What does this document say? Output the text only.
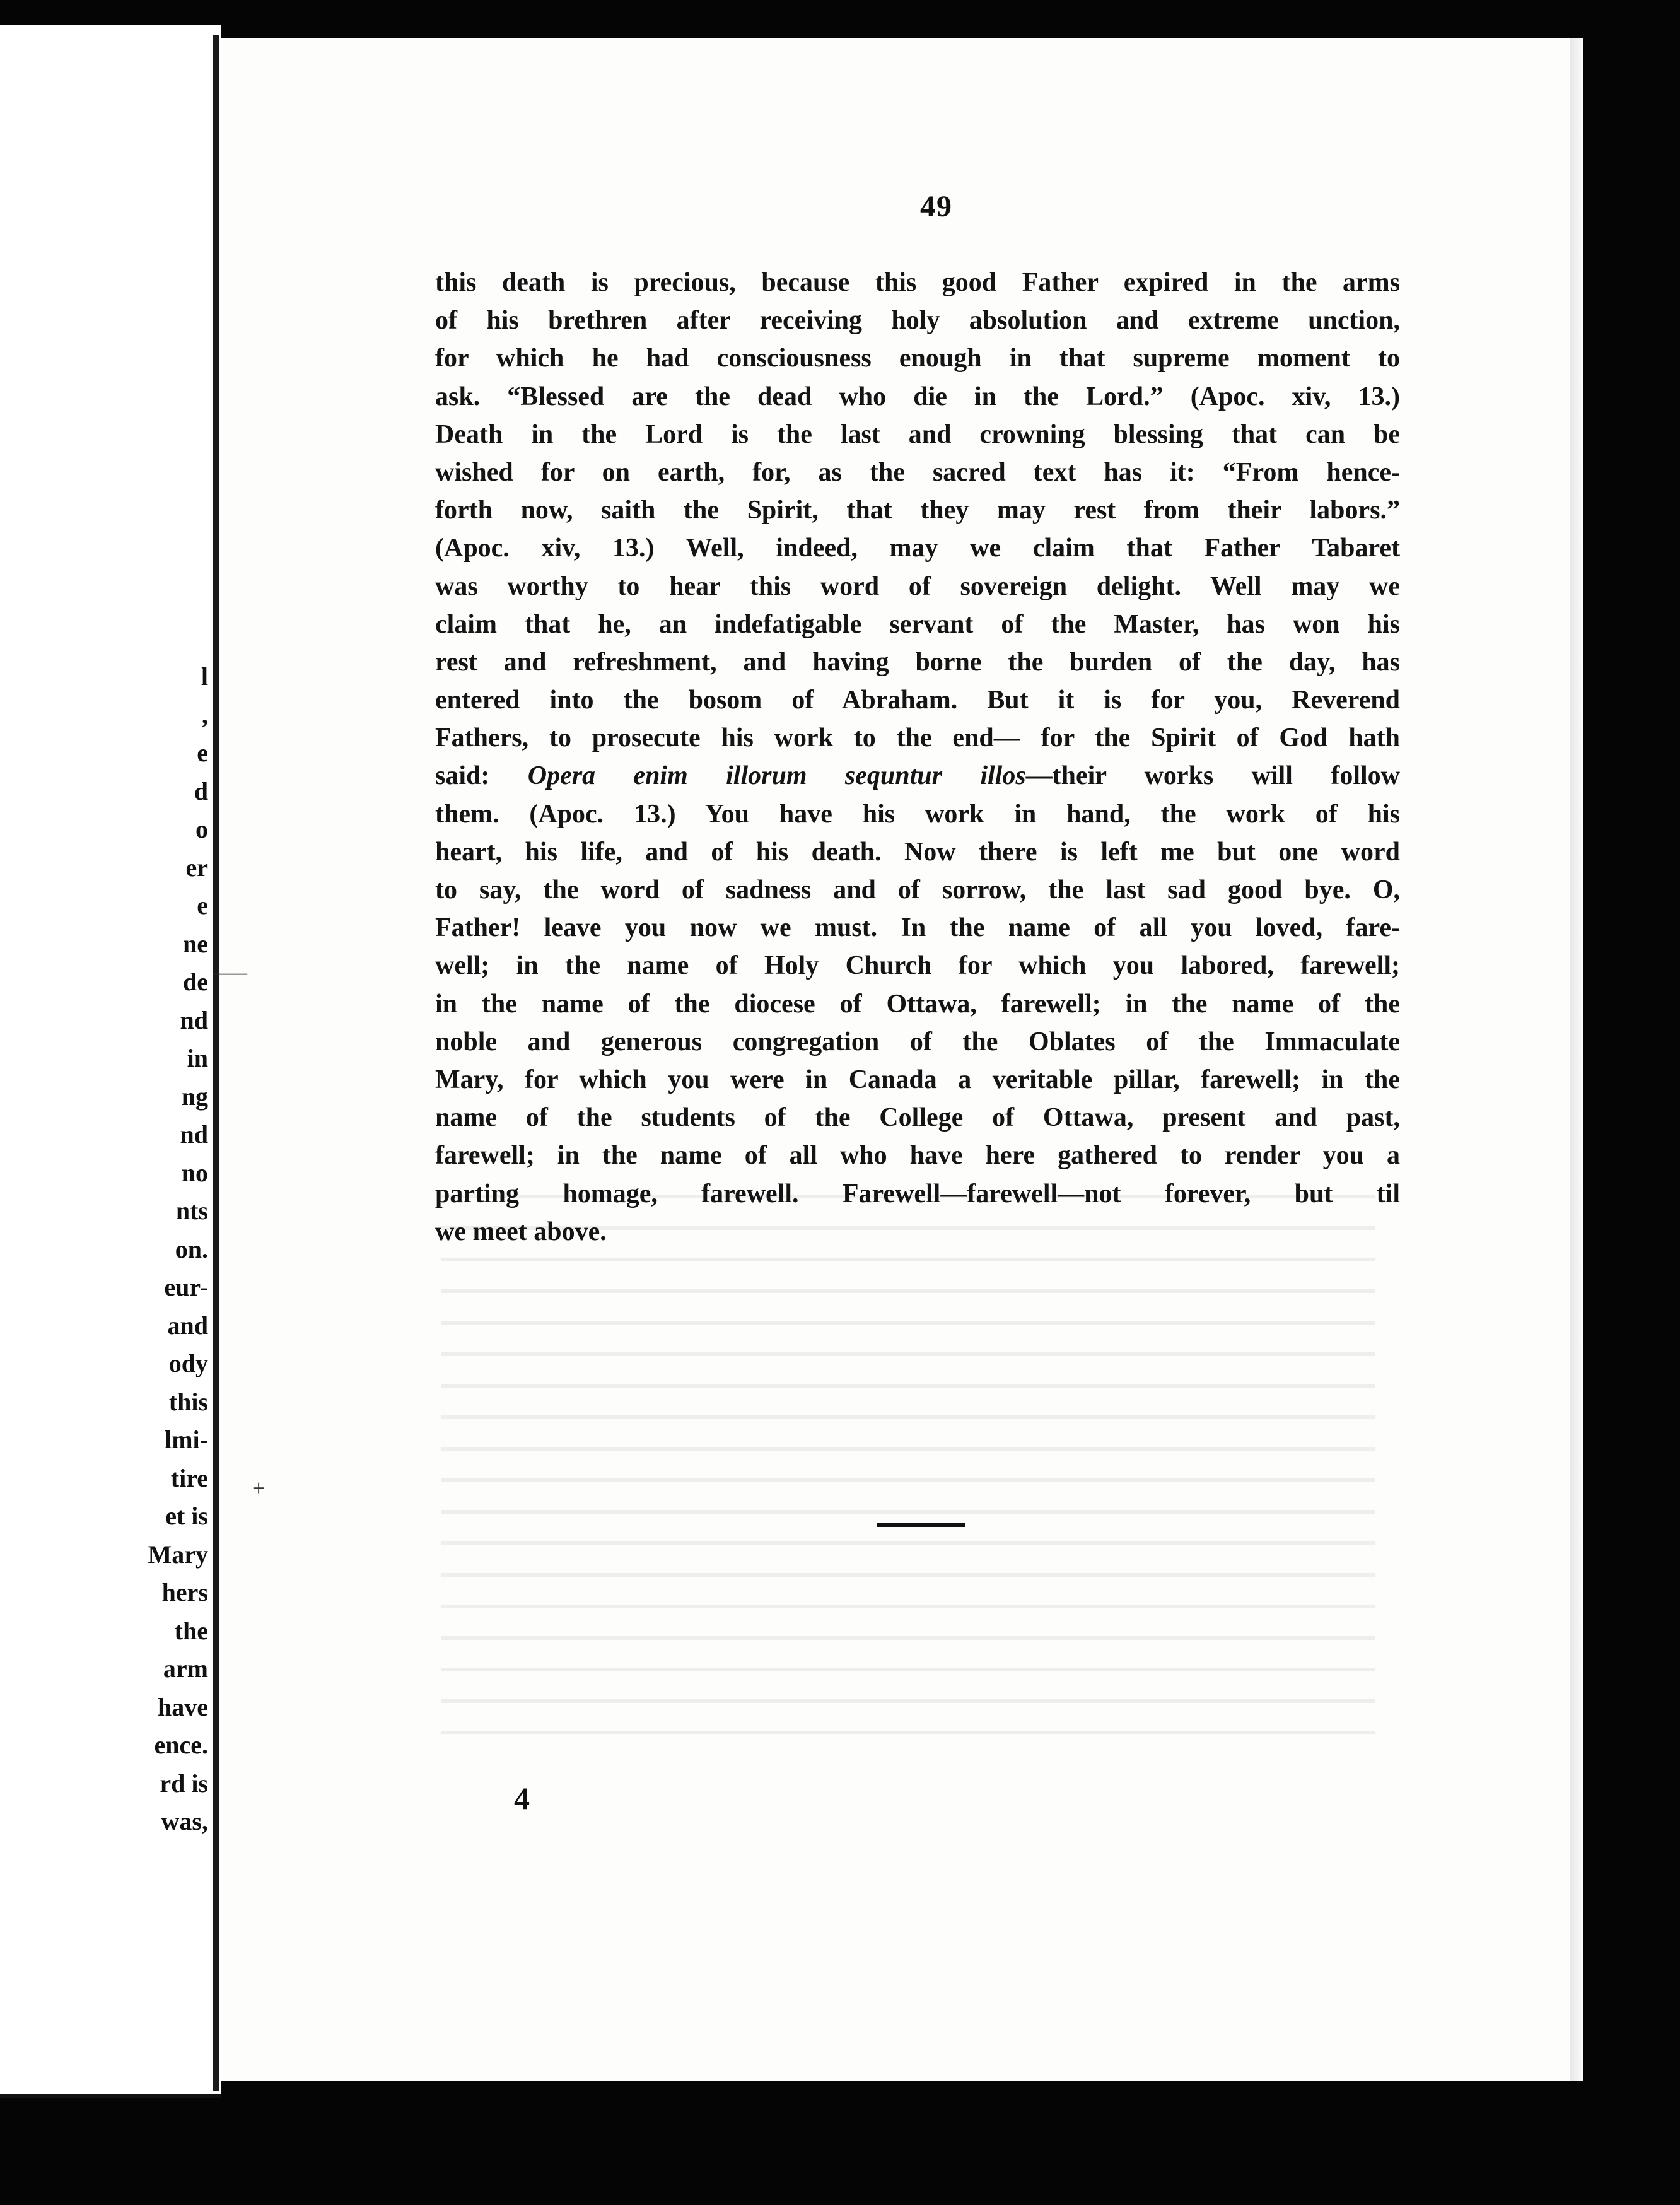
l
,
e
d
o
er
e
ne
de
nd
in
ng
nd
no
nts
on.
eur-
and
ody
this
lmi-
tire
et is
Mary
hers
the
arm
have
ence.
rd is
was,
49
this death is precious, because this good Father expired in the arms
of his brethren after receiving holy absolution and extreme unction,
for which he had consciousness enough in that supreme moment to
ask. “Blessed are the dead who die in the Lord.” (Apoc. xiv, 13.)
Death in the Lord is the last and crowning blessing that can be
wished for on earth, for, as the sacred text has it: “From hence-
forth now, saith the Spirit, that they may rest from their labors.”
(Apoc. xiv, 13.) Well, indeed, may we claim that Father Tabaret
was worthy to hear this word of sovereign delight. Well may we
claim that he, an indefatigable servant of the Master, has won his
rest and refreshment, and having borne the burden of the day, has
entered into the bosom of Abraham. But it is for you, Reverend
Fathers, to prosecute his work to the end— for the Spirit of God hath
said: Opera enim illorum sequntur illos—their works will follow
them. (Apoc. 13.) You have his work in hand, the work of his
heart, his life, and of his death. Now there is left me but one word
to say, the word of sadness and of sorrow, the last sad good bye. O,
Father! leave you now we must. In the name of all you loved, fare-
well; in the name of Holy Church for which you labored, farewell;
in the name of the diocese of Ottawa, farewell; in the name of the
noble and generous congregation of the Oblates of the Immaculate
Mary, for which you were in Canada a veritable pillar, farewell; in the
name of the students of the College of Ottawa, present and past,
farewell; in the name of all who have here gathered to render you a
parting homage, farewell. Farewell—farewell—not forever, but til
we meet above.
4
—–
+
